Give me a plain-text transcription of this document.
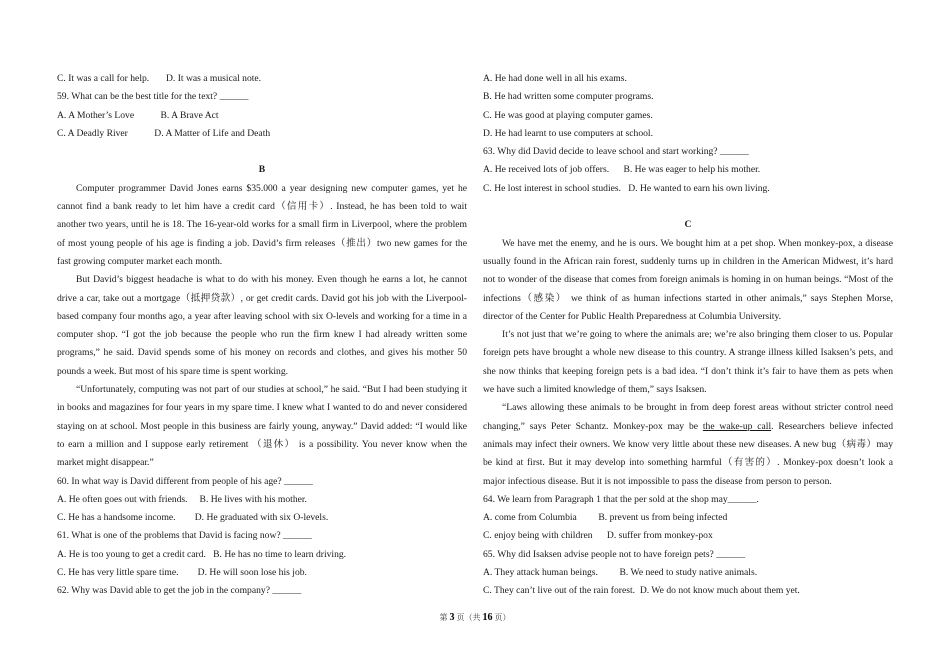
C. It was a call for help.       D. It was a musical note.
59. What can be the best title for the text? ______
A. A Mother’s Love           B. A Brave Act
C. A Deadly River           D. A Matter of Life and Death
B
Computer programmer David Jones earns $35.000 a year designing new computer games, yet he
cannot find a bank ready to let him have a credit card（信用卡）. Instead, he has been told to wait
another two years, until he is 18. The 16-year-old works for a small firm in Liverpool, where the problem
of most young people of his age is finding a job. David’s firm releases（推出）two new games for the
fast growing computer market each month.
But David’s biggest headache is what to do with his money. Even though he earns a lot, he cannot
drive a car, take out a mortgage（抵押贷款）, or get credit cards. David got his job with the Liverpool-
based company four months ago, a year after leaving school with six O-levels and working for a time in a
computer shop. “I got the job because the people who run the firm knew I had already written some
programs,” he said. David spends some of his money on records and clothes, and gives his mother 50
pounds a week. But most of his spare time is spent working.
“Unfortunately, computing was not part of our studies at school,” he said. “But I had been studying it
in books and magazines for four years in my spare time. I knew what I wanted to do and never considered
staying on at school. Most people in this business are fairly young, anyway.” David added: “I would like
to earn a million and I suppose early retirement （退休） is a possibility. You never know when the
market might disappear.”
60. In what way is David different from people of his age? ______
A. He often goes out with friends.     B. He lives with his mother.
C. He has a handsome income.        D. He graduated with six O-levels.
61. What is one of the problems that David is facing now? ______
A. He is too young to get a credit card.   B. He has no time to learn driving.
C. He has very little spare time.        D. He will soon lose his job.
62. Why was David able to get the job in the company? ______
A. He had done well in all his exams.
B. He had written some computer programs.
C. He was good at playing computer games.
D. He had learnt to use computers at school.
63. Why did David decide to leave school and start working? ______
A. He received lots of job offers.      B. He was eager to help his mother.
C. He lost interest in school studies.   D. He wanted to earn his own living.
C
We have met the enemy, and he is ours. We bought him at a pet shop. When monkey-pox, a disease
usually found in the African rain forest, suddenly turns up in children in the American Midwest, it’s hard
not to wonder of the disease that comes from foreign animals is homing in on human beings. “Most of the
infections（感染） we think of as human infections started in other animals,” says Stephen Morse,
director of the Center for Public Health Preparedness at Columbia University.
It’s not just that we’re going to where the animals are; we’re also bringing them closer to us. Popular
foreign pets have brought a whole new disease to this country. A strange illness killed Isaksen’s pets, and
she now thinks that keeping foreign pets is a bad idea. “I don’t think it’s fair to have them as pets when
we have such a limited knowledge of them,” says Isaksen.
“Laws allowing these animals to be brought in from deep forest areas without stricter control need
changing,” says Peter Schantz. Monkey-pox may be the wake-up call. Researchers believe infected
animals may infect their owners. We know very little about these new diseases. A new bug（病毒）may
be kind at first. But it may develop into something harmful（有害的）. Monkey-pox doesn’t look a
major infectious disease. But it is not impossible to pass the disease from person to person.
64. We learn from Paragraph 1 that the per sold at the shop may______.
A. come from Columbia         B. prevent us from being infected
C. enjoy being with children      D. suffer from monkey-pox
65. Why did Isaksen advise people not to have foreign pets? ______
A. They attack human beings.         B. We need to study native animals.
C. They can’t live out of the rain forest.  D. We do not know much about them yet.
第 3 页（共 16 页）
